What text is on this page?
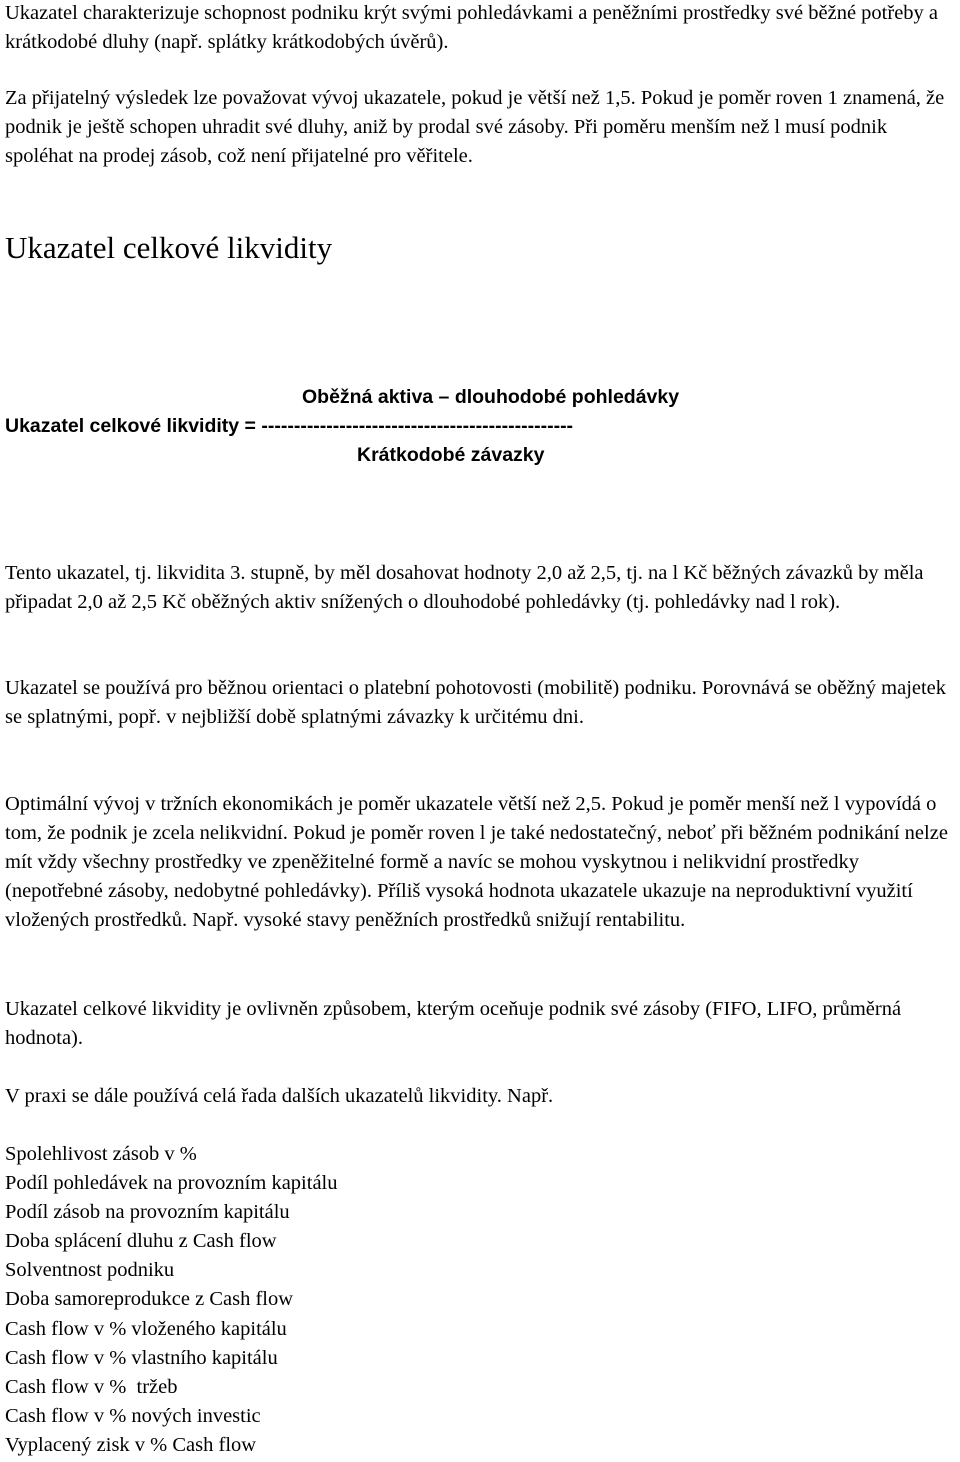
Ukazatel charakterizuje schopnost podniku krýt svými pohledávkami a peněžními prostředky své běžné potřeby a krátkodobé dluhy (např. splátky krátkodobých úvěrů).

Za přijatelný výsledek lze považovat vývoj ukazatele, pokud je větší než 1,5. Pokud je poměr roven 1 znamená, že podnik je ještě schopen uhradit své dluhy, aniž by prodal své zásoby. Při poměru menším než l musí podnik spoléhat na prodej zásob, což není přijatelné pro věřitele.

Ukazatel celkové likvidity
Oběžná aktiva – dlouhodobé pohledávky
Ukazatel celkové likvidity = ------------------------------------------------
Krátkodobé závazky

Tento ukazatel, tj. likvidita 3. stupně, by měl dosahovat hodnoty 2,0 až 2,5, tj. na l Kč běžných závazků by měla připadat 2,0 až 2,5 Kč oběžných aktiv snížených o dlouhodobé pohledávky (tj. pohledávky nad l rok).

Ukazatel se používá pro běžnou orientaci o platební pohotovosti (mobilitě) podniku. Porovnává se oběžný majetek se splatnými, popř. v nejbližší době splatnými závazky k určitému dni.

Optimální vývoj v tržních ekonomikách je poměr ukazatele větší než 2,5. Pokud je poměr menší než l vypovídá o tom, že podnik je zcela nelikvidní. Pokud je poměr roven l je také nedostatečný, neboť při běžném podnikání nelze mít vždy všechny prostředky ve zpeněžitelné formě a navíc se mohou vyskytnou i nelikvidní prostředky (nepotřebné zásoby, nedobytné pohledávky). Příliš vysoká hodnota ukazatele ukazuje na neproduktivní využití vložených prostředků. Např. vysoké stavy peněžních prostředků snižují rentabilitu.

Ukazatel celkové likvidity je ovlivněn způsobem, kterým oceňuje podnik své zásoby (FIFO, LIFO, průměrná hodnota).

V praxi se dále používá celá řada dalších ukazatelů likvidity. Např.

Spolehlivost zásob v %
Podíl pohledávek na provozním kapitálu
Podíl zásob na provozním kapitálu
Doba splácení dluhu z Cash flow
Solventnost podniku
Doba samoreprodukce z Cash flow
Cash flow v % vloženého kapitálu
Cash flow v % vlastního kapitálu
Cash flow v %  tržeb
Cash flow v % nových investic
Vyplacený zisk v % Cash flow
